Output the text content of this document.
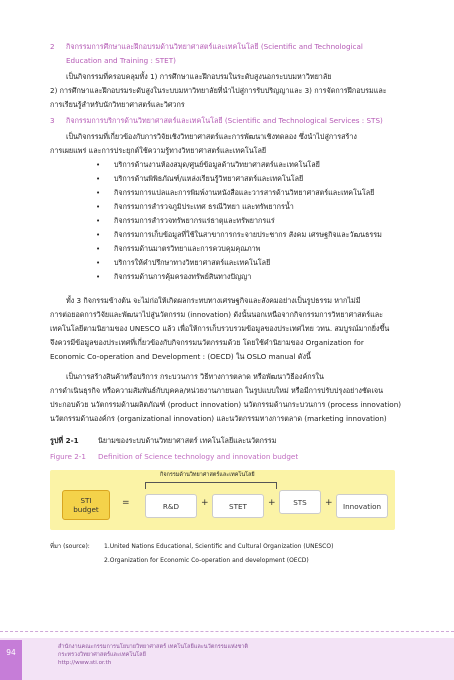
2 กิจกรรมการศึกษาและฝึกอบรมด้านวิทยาศาสตร์และเทคโนโลยี (Scientific and Technological
Education and Training : STET)
เป็นกิจกรรมที่ครอบคลุมทั้ง 1) การศึกษาและฝึกอบรมในระดับสูงนอกระบบมหาวิทยาลัย
2) การศึกษาและฝึกอบรมระดับสูงในระบบมหาวิทยาลัยที่นำไปสู่การรับปริญญาและ 3) การจัดการฝึกอบรมและ
การเรียนรู้สำหรับนักวิทยาศาสตร์และวิศวกร
3 กิจกรรมการบริการด้านวิทยาศาสตร์และเทคโนโลยี (Scientific and Technological Services : STS)
เป็นกิจกรรมที่เกี่ยวข้องกับการวิจัยเชิงวิทยาศาสตร์และการพัฒนาเชิงทดลอง ซึ่งนำไปสู่การสร้าง
การเผยแพร่ และการประยุกต์ใช้ความรู้ทางวิทยาศาสตร์และเทคโนโลยี
• บริการด้านงานห้องสมุด/ศูนย์ข้อมูลด้านวิทยาศาสตร์และเทคโนโลยี
• บริการด้านพิพิธภัณฑ์/แหล่งเรียนรู้วิทยาศาสตร์และเทคโนโลยี
• กิจกรรมการแปลและการพิมพ์งานหนังสือและวารสารด้านวิทยาศาสตร์และเทคโนโลยี
• กิจกรรมการสำรวจภูมิประเทศ ธรณีวิทยา และทรัพยากรน้ำ
• กิจกรรมการสำรวจทรัพยากรแร่ธาตุและทรัพยากรแร่
• กิจกรรมการเก็บข้อมูลที่ใช้ในสาขาการกระจายประชากร สังคม เศรษฐกิจและวัฒนธรรม
• กิจกรรมด้านมาตรวิทยาและการควบคุมคุณภาพ
• บริการให้คำปรึกษาทางวิทยาศาสตร์และเทคโนโลยี
• กิจกรรมด้านการคุ้มครองทรัพย์สินทางปัญญา
ทั้ง 3 กิจกรรมข้างต้น จะไม่ก่อให้เกิดผลกระทบทางเศรษฐกิจและสังคมอย่างเป็นรูปธรรม หากไม่มี
การต่อยอดการวิจัยและพัฒนาไปสู่นวัตกรรม (innovation) ดังนั้นนอกเหนือจากกิจกรรมการวิทยาศาสตร์และ
เทคโนโลยีตามนิยามของ UNESCO แล้ว เพื่อให้การเก็บรวบรวมข้อมูลของประเทศไทย วทน. สมบูรณ์มากยิ่งขึ้น
จึงควรมีข้อมูลของประเทศที่เกี่ยวข้องกับกิจกรรมนวัตกรรมด้วย โดยใช้คำนิยามของ Organization for
Economic Co-operation and Development : (OECD) ใน OSLO manual ดังนี้
เป็นการสร้างสินค้าหรือบริการ กระบวนการ วิธีทางการตลาด หรือพัฒนาวิธีองค์กรใน
การดำเนินธุรกิจ หรือความสัมพันธ์กับบุคคล/หน่วยงานภายนอก ในรูปแบบใหม่ หรือมีการปรับปรุงอย่างชัดเจน
ประกอบด้วย นวัตกรรมด้านผลิตภัณฑ์ (product innovation) นวัตกรรมด้านกระบวนการ (process innovation)
นวัตกรรมด้านองค์กร (organizational innovation) และนวัตกรรมทางการตลาด (marketing innovation)
รูปที่ 2-1	นิยามของระบบด้านวิทยาศาสตร์ เทคโนโลยีและนวัตกรรม
Figure 2-1 Definition of Science technology and innovation budget
กิจกรรมด้านวิทยาศาสตร์และเทคโนโลยี
STI
budget
=	R&D	+	STET	+	STS	+	Innovation
ที่มา (source): 1.United Nations Educational, Scientific and Cultural Organization (UNESCO)
2.Organization for Economic Co-operation and development (OECD)
สำนักงานคณะกรรมการนโยบายวิทยาศาสตร์ เทคโนโลยีและนวัตกรรมแห่งชาติ
กระทรวงวิทยาศาสตร์และเทคโนโลยี
http://www.sti.or.th
94
